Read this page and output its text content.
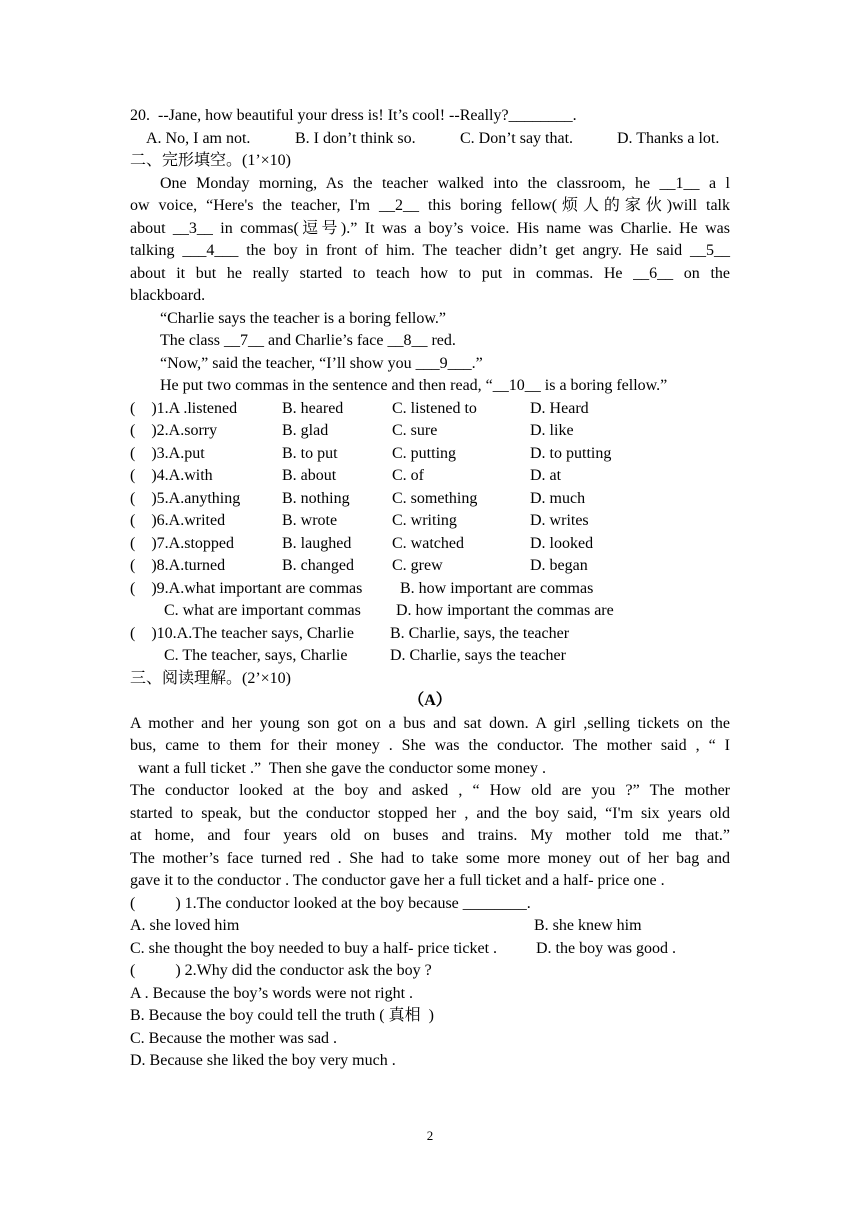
20.  --Jane, how beautiful your dress is! It’s cool! --Really?________.

A. No, I am not.

	B. I don’t think so.

	C. Don’t say that.

	D. Thanks a lot.

二、完形填空。(1’×10)
One Monday morning, As the teacher walked into the classroom, he __1__ a l
ow voice, “Here's the teacher, I'm __2__ this boring fellow(烦人的家伙)will talk
about __3__ in commas(逗号).” It was a boy’s voice. His name was Charlie. He was
talking ___4___ the boy in front of him. The teacher didn’t get angry. He said __5__
about it but he really started to teach how to put in commas. He __6__ on the
blackboard.
“Charlie says the teacher is a boring fellow.”
The class __7__ and Charlie’s face __8__ red.
“Now,” said the teacher, “I’ll show you ___9___.”
He put two commas in the sentence and then read, “__10__ is a boring fellow.”
(    )1.A .listened	B. heared	C. listened to	D. Heard
(    )2.A.sorry	B. glad	C. sure	D. like
(    )3.A.put	B. to put	C. putting	D. to putting
(    )4.A.with	B. about	C. of	D. at
(    )5.A.anything	B. nothing	C. something	D. much
(    )6.A.writed	B. wrote	C. writing	D. writes
(    )7.A.stopped	B. laughed	C. watched	D. looked
(    )8.A.turned	B. changed C. grew	D. began

(    )9.A.what important are commas

B. how important are commas

C. what are important commas

D. how important the commas are

(    )10.A.The teacher says, Charlie

B. Charlie, says, the teacher

C. The teacher, says, Charlie

	D. Charlie, says the teacher

三、阅读理解。(2’×10)
（A）
A mother and her young son got on a bus and sat down. A girl ,selling tickets on the
bus, came to them for their money . She was the conductor. The mother said , “ I
want a full ticket .”  Then she gave the conductor some money .
The conductor looked at the boy and asked , “ How old are you ?” The mother
started to speak, but the conductor stopped her , and the boy said, “I'm six years old
at home, and four years old on buses and trains. My mother told me that.”
The mother’s face turned red . She had to take some more money out of her bag and
gave it to the conductor . The conductor gave her a full ticket and a half- price one .
(          ) 1.The conductor looked at the boy because ________.

A. she loved him

	B. she knew him

C. she thought the boy needed to buy a half- price ticket .

D. the boy was good .

(          ) 2.Why did the conductor ask the boy ?
A . Because the boy’s words were not right .
B. Because the boy could tell the truth ( 真相  )
C. Because the mother was sad .
D. Because she liked the boy very much .
2
